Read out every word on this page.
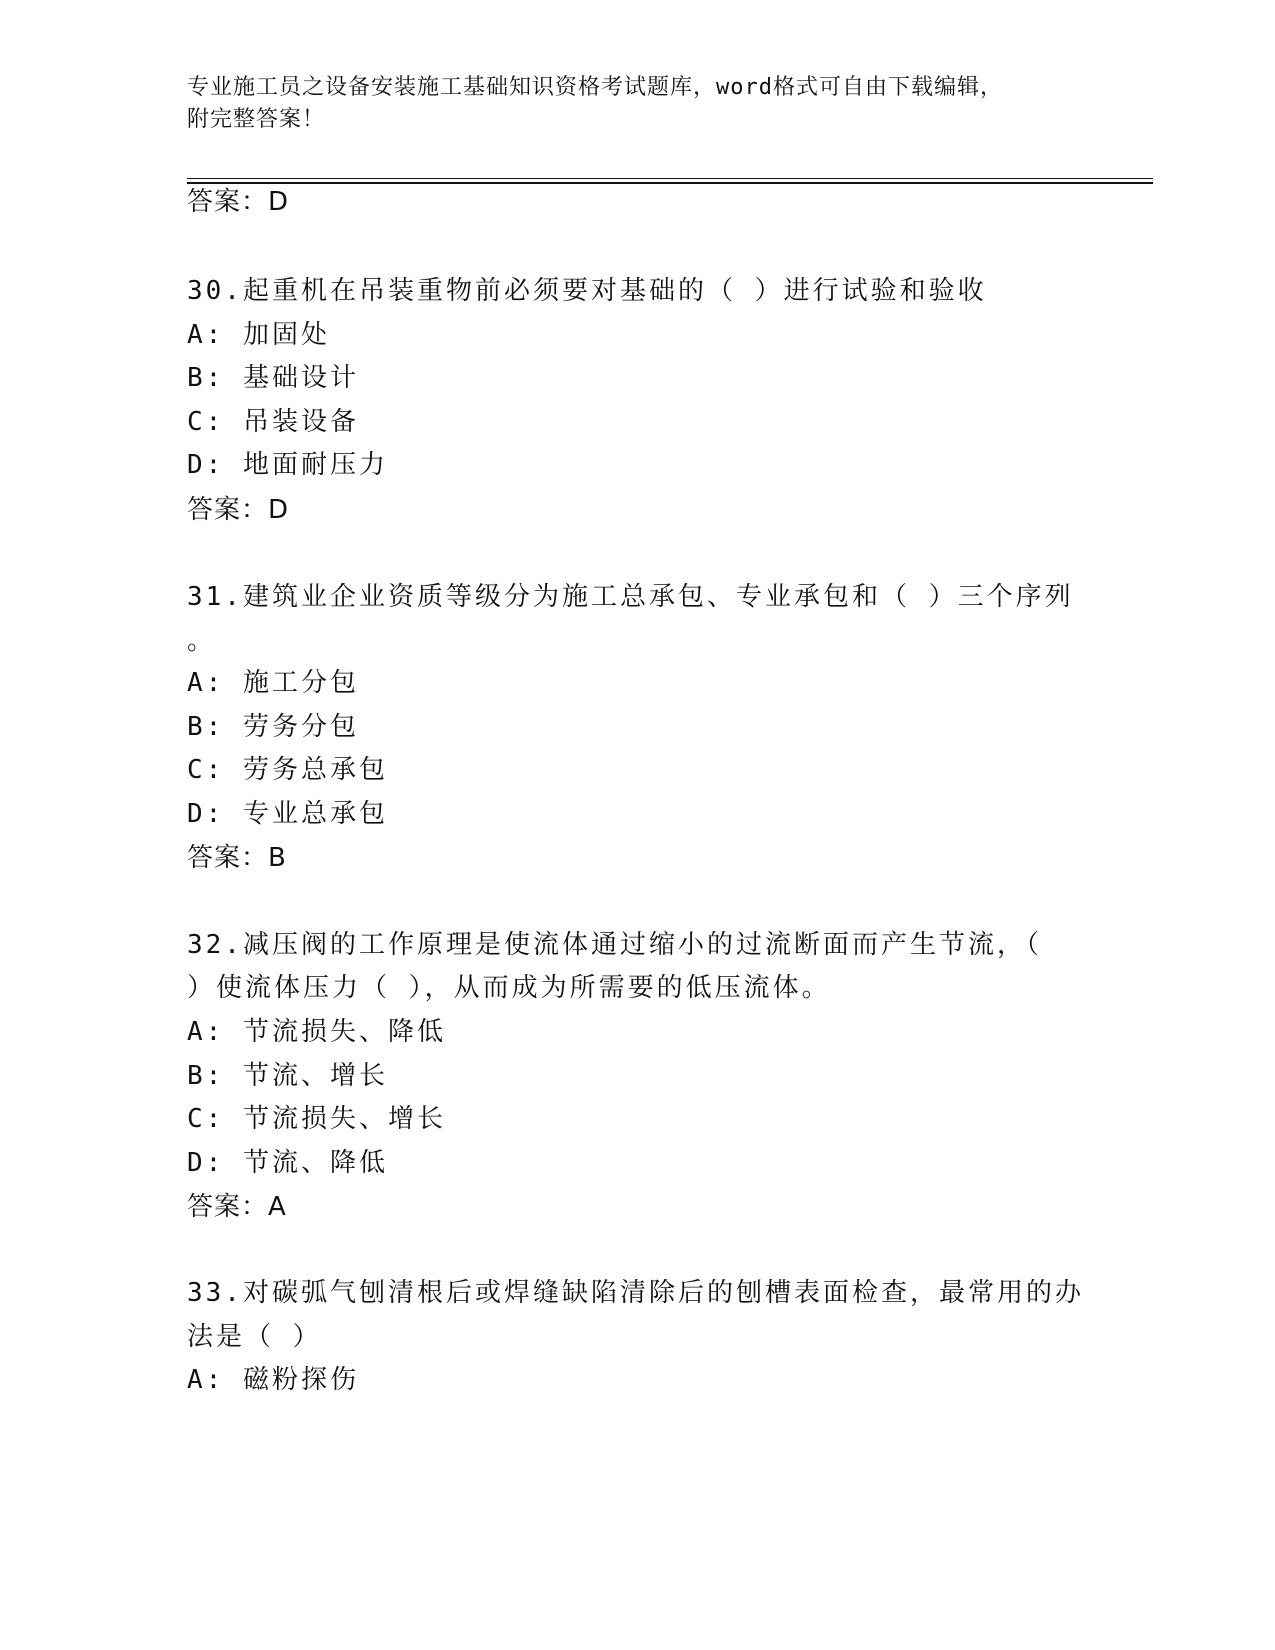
专业施工员之设备安装施工基础知识资格考试题库，word格式可自由下载编辑，
附完整答案！
答案：D
30.起重机在吊装重物前必须要对基础的（ ）进行试验和验收
A: 加固处
B: 基础设计
C: 吊装设备
D: 地面耐压力
答案：D
31.建筑业企业资质等级分为施工总承包、专业承包和（ ）三个序列
。
A: 施工分包
B: 劳务分包
C: 劳务总承包
D: 专业总承包
答案：B
32.减压阀的工作原理是使流体通过缩小的过流断面而产生节流，（
）使流体压力（ ），从而成为所需要的低压流体。
A: 节流损失、降低
B: 节流、增长
C: 节流损失、增长
D: 节流、降低
答案：A
33.对碳弧气刨清根后或焊缝缺陷清除后的刨槽表面检查，最常用的办
法是（ ）
A: 磁粉探伤
